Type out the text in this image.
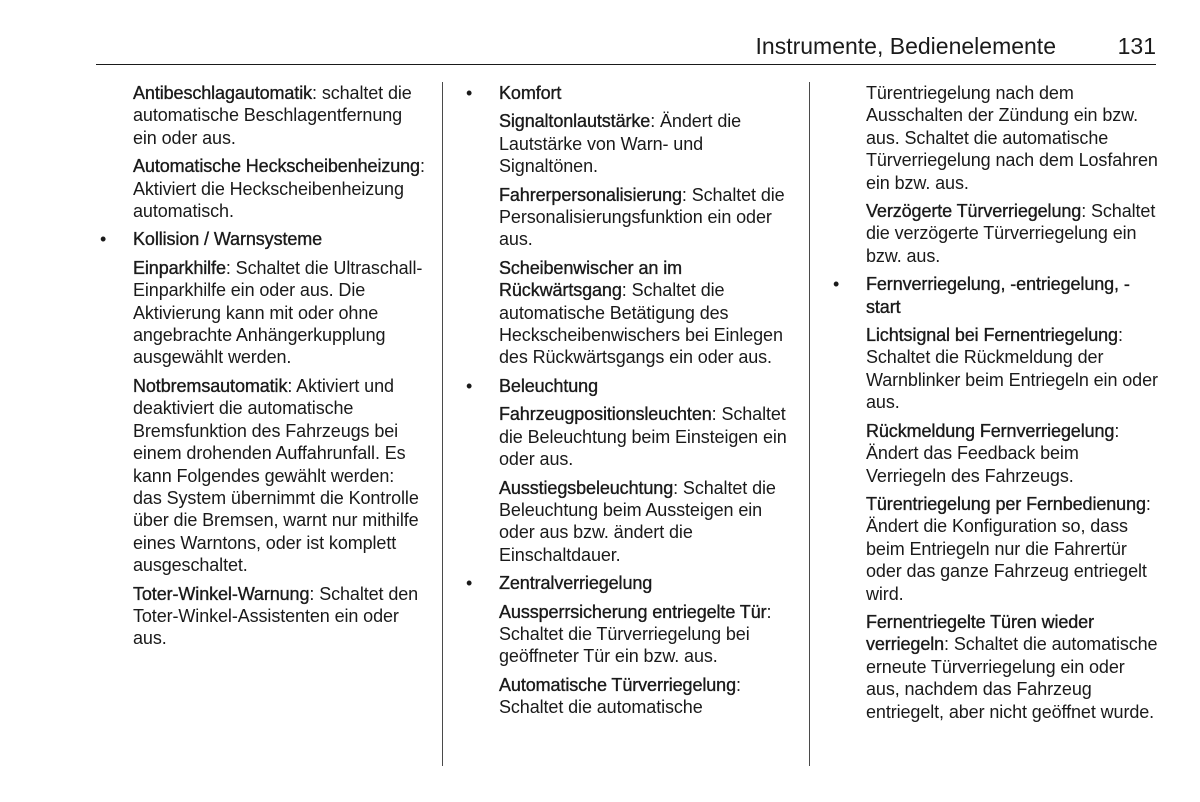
Instrumente, Bedienelemente	131

Antibeschlagautomatik: schaltet die automatische Beschlagentfernung ein oder aus.

Automatische Heckscheibenheizung: Aktiviert die Heckscheibenheizung automatisch.

• Kollision / Warnsysteme

Einparkhilfe: Schaltet die Ultraschall-Einparkhilfe ein oder aus. Die Aktivierung kann mit oder ohne angebrachte Anhängerkupplung ausgewählt werden.

Notbremsautomatik: Aktiviert und deaktiviert die automatische Bremsfunktion des Fahrzeugs bei einem drohenden Auffahrunfall. Es kann Folgendes gewählt werden: das System übernimmt die Kontrolle über die Bremsen, warnt nur mithilfe eines Warntons, oder ist komplett ausgeschaltet.

Toter-Winkel-Warnung: Schaltet den Toter-Winkel-Assistenten ein oder aus.

• Komfort

Signaltonlautstärke: Ändert die Lautstärke von Warn- und Signaltönen.

Fahrerpersonalisierung: Schaltet die Personalisierungsfunktion ein oder aus.

Scheibenwischer an im Rückwärtsgang: Schaltet die automatische Betätigung des Heckscheibenwischers bei Einlegen des Rückwärtsgangs ein oder aus.

• Beleuchtung

Fahrzeugpositionsleuchten: Schaltet die Beleuchtung beim Einsteigen ein oder aus.

Ausstiegsbeleuchtung: Schaltet die Beleuchtung beim Aussteigen ein oder aus bzw. ändert die Einschaltdauer.

• Zentralverriegelung

Aussperrsicherung entriegelte Tür: Schaltet die Türverriegelung bei geöffneter Tür ein bzw. aus.

Automatische Türverriegelung: Schaltet die automatische

Türentriegelung nach dem Ausschalten der Zündung ein bzw. aus. Schaltet die automatische Türverriegelung nach dem Losfahren ein bzw. aus.

Verzögerte Türverriegelung: Schaltet die verzögerte Türverriegelung ein bzw. aus.

• Fernverriegelung, -entriegelung, -start

Lichtsignal bei Fernentriegelung: Schaltet die Rückmeldung der Warnblinker beim Entriegeln ein oder aus.

Rückmeldung Fernverriegelung: Ändert das Feedback beim Verriegeln des Fahrzeugs.

Türentriegelung per Fernbedienung: Ändert die Konfiguration so, dass beim Entriegeln nur die Fahrertür oder das ganze Fahrzeug entriegelt wird.

Fernentriegelte Türen wieder verriegeln: Schaltet die automatische erneute Türverriegelung ein oder aus, nachdem das Fahrzeug entriegelt, aber nicht geöffnet wurde.
